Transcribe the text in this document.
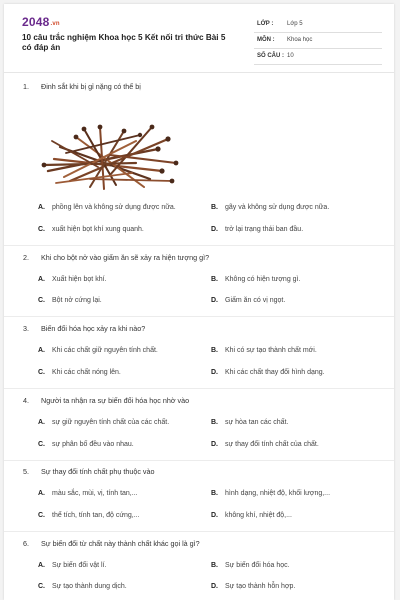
2048.vn
10 câu trắc nghiệm Khoa học 5 Kết nối tri thức Bài 5 có đáp án
LỚP : Lớp 5
MÔN : Khoa học
SỐ CÂU : 10
1. Đinh sắt khi bị gỉ nặng có thể bị
A. phồng lên và không sử dụng được nữa.	B. gãy và không sử dụng được nữa.
C. xuất hiện bọt khí xung quanh.	D. trở lại trạng thái ban đầu.
2. Khi cho bột nở vào giấm ăn sẽ xảy ra hiện tượng gì?
A. Xuất hiện bọt khí.	B. Không có hiện tượng gì.
C. Bột nở cứng lại.	D. Giấm ăn có vị ngọt.
3. Biến đổi hóa học xảy ra khi nào?
A. Khi các chất giữ nguyên tính chất.	B. Khi có sự tạo thành chất mới.
C. Khi các chất nóng lên.	D. Khi các chất thay đổi hình dạng.
4. Người ta nhận ra sự biến đổi hóa học nhờ vào
A. sự giữ nguyên tính chất của các chất.	B. sự hòa tan các chất.
C. sự phân bố đều vào nhau.	D. sự thay đổi tính chất của chất.
5. Sự thay đổi tính chất phụ thuộc vào
A. màu sắc, mùi, vị, tính tan,...	B. hình dạng, nhiệt độ, khối lượng,...
C. thể tích, tính tan, độ cứng,...	D. không khí, nhiệt độ,...
6. Sự biến đổi từ chất này thành chất khác gọi là gì?
A. Sự biến đổi vật lí.	B. Sự biến đổi hóa học.
C. Sự tạo thành dung dịch.	D. Sự tạo thành hỗn hợp.
